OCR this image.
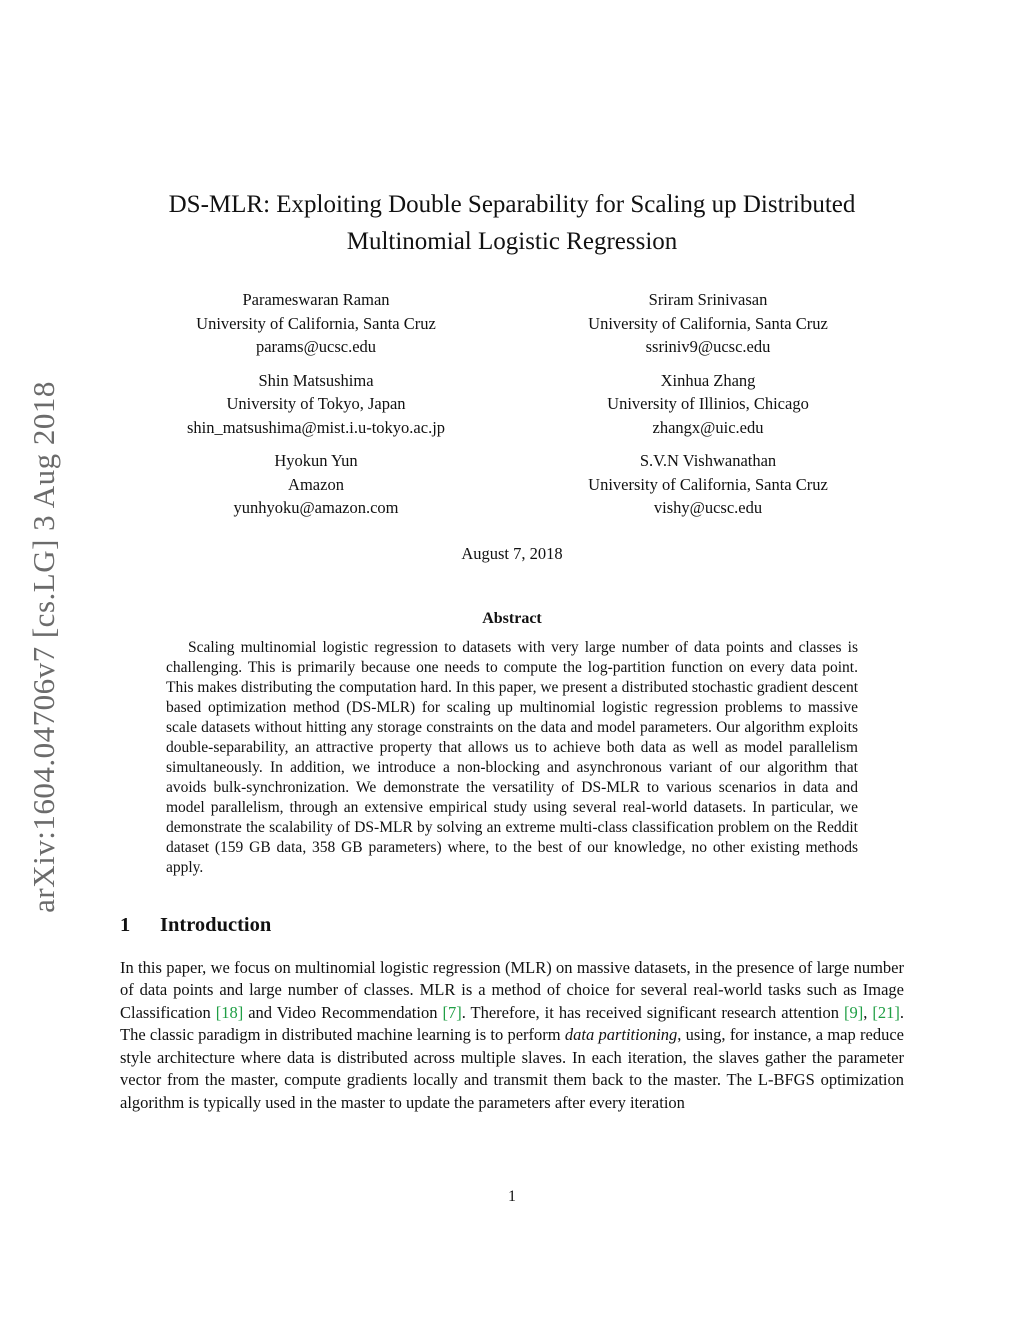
arXiv:1604.04706v7 [cs.LG] 3 Aug 2018
DS-MLR: Exploiting Double Separability for Scaling up Distributed
Multinomial Logistic Regression
Parameswaran Raman
University of California, Santa Cruz
params@ucsc.edu
Sriram Srinivasan
University of California, Santa Cruz
ssriniv9@ucsc.edu
Shin Matsushima
University of Tokyo, Japan
shin_matsushima@mist.i.u-tokyo.ac.jp
Xinhua Zhang
University of Illinios, Chicago
zhangx@uic.edu
Hyokun Yun
Amazon
yunhyoku@amazon.com
S.V.N Vishwanathan
University of California, Santa Cruz
vishy@ucsc.edu
August 7, 2018
Abstract

Scaling multinomial logistic regression to datasets with very large number of data points and classes is challenging. This is primarily because one needs to compute the log-partition function on every data point. This makes distributing the computation hard. In this paper, we present a distributed stochastic gradient descent based optimization method (DS-MLR) for scaling up multinomial logistic regression problems to massive scale datasets without hitting any storage constraints on the data and model parameters. Our algorithm exploits double-separability, an attractive property that allows us to achieve both data as well as model parallelism simultaneously. In addition, we introduce a non-blocking and asynchronous variant of our algorithm that avoids bulk-synchronization. We demonstrate the versatility of DS-MLR to various scenarios in data and model parallelism, through an extensive empirical study using several real-world datasets. In particular, we demonstrate the scalability of DS-MLR by solving an extreme multi-class classification problem on the Reddit dataset (159 GB data, 358 GB parameters) where, to the best of our knowledge, no other existing methods apply.

1 Introduction

In this paper, we focus on multinomial logistic regression (MLR) on massive datasets, in the presence of large number of data points and large number of classes. MLR is a method of choice for several real-world tasks such as Image Classification [18] and Video Recommendation [7]. Therefore, it has received significant research attention [9], [21]. The classic paradigm in distributed machine learning is to perform data partitioning, using, for instance, a map reduce style architecture where data is distributed across multiple slaves. In each iteration, the slaves gather the parameter vector from the master, compute gradients locally and transmit them back to the master. The L-BFGS optimization algorithm is typically used in the master to update the parameters after every iteration

1
